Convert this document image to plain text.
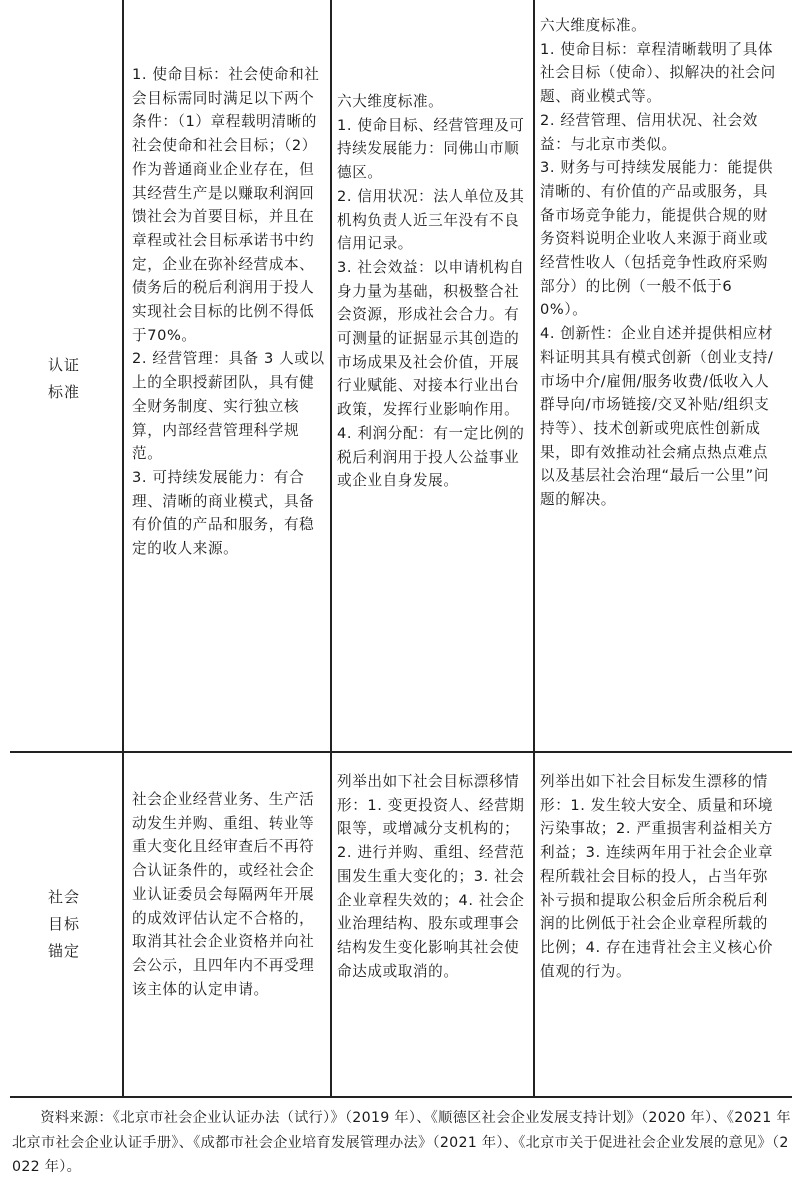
认证
标准

1. 使命目标：社会使命和社会目标需同时满足以下两个条件：（1）章程载明清晰的社会使命和社会目标；（2）作为普通商业企业存在，但其经营生产是以赚取利润回馈社会为首要目标，并且在章程或社会目标承诺书中约定，企业在弥补经营成本、债务后的税后利润用于投人实现社会目标的比例不得低于70%。

2. 经营管理：具备 3 人或以上的全职授薪团队，具有健全财务制度、实行独立核算，内部经营管理科学规范。

3. 可持续发展能力：有合理、清晰的商业模式，具备有价值的产品和服务，有稳定的收人来源。

六大维度标准。

1. 使命目标、经营管理及可持续发展能力：同佛山市顺德区。

2. 信用状况：法人单位及其机构负责人近三年没有不良信用记录。

3. 社会效益：以申请机构自身力量为基础，积极整合社会资源，形成社会合力。有可测量的证据显示其创造的市场成果及社会价值，开展行业赋能、对接本行业出台政策，发挥行业影响作用。

4. 利润分配：有一定比例的税后利润用于投人公益事业或企业自身发展。

六大维度标准。

1. 使命目标：章程清晰载明了具体社会目标（使命）、拟解决的社会问题、商业模式等。

2. 经营管理、信用状况、社会效益：与北京市类似。

3. 财务与可持续发展能力：能提供清晰的、有价值的产品或服务，具备市场竞争能力，能提供合规的财务资料说明企业收人来源于商业或经营性收人（包括竞争性政府采购部分）的比例（一般不低于60%）。

4. 创新性：企业自述并提供相应材料证明其具有模式创新（创业支持/市场中介/雇佣/服务收费/低收入人群导向/市场链接/交叉补贴/组织支持等）、技术创新或兜底性创新成果，即有效推动社会痛点热点难点以及基层社会治理“最后一公里”问题的解决。

社会
目标
锚定

社会企业经营业务、生产活动发生并购、重组、转业等重大变化且经审查后不再符合认证条件的，或经社会企业认证委员会每隔两年开展的成效评估认定不合格的，取消其社会企业资格并向社会公示，且四年内不再受理该主体的认定申请。

列举出如下社会目标漂移情形：1. 变更投资人、经营期限等，或增减分支机构的；2. 进行并购、重组、经营范围发生重大变化的；3. 社会企业章程失效的；4. 社会企业治理结构、股东或理事会结构发生变化影响其社会使命达成或取消的。

列举出如下社会目标发生漂移的情形：1. 发生较大安全、质量和环境污染事故；2. 严重损害利益相关方利益；3. 连续两年用于社会企业章程所载社会目标的投人，占当年弥补亏损和提取公积金后所余税后利润的比例低于社会企业章程所载的比例；4. 存在违背社会主义核心价值观的行为。

资料来源：《北京市社会企业认证办法（试行）》（2019 年）、《顺德区社会企业发展支持计划》（2020 年）、《2021 年北京市社会企业认证手册》、《成都市社会企业培育发展管理办法》（2021 年）、《北京市关于促进社会企业发展的意见》（2022 年）。
